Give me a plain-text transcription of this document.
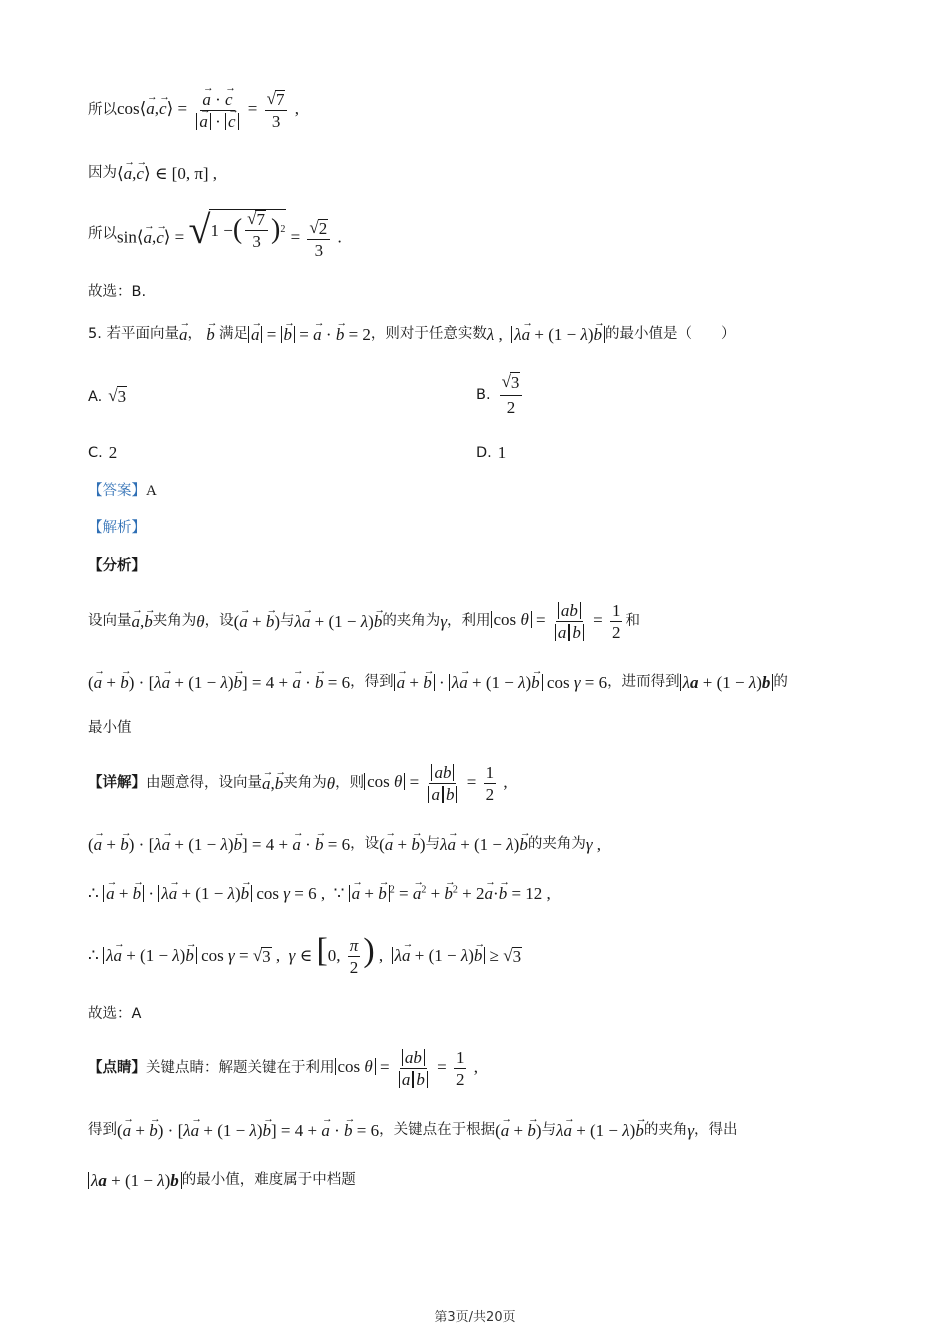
所以 cos⟨→ a,→ c⟩ = → a · → c
→ a · → $c = \frac{√ 7}{3}$ ,
因为 ⟨→ a,→ c⟩ ∈ [0, π] ,
所以 sin⟨→ a,→ c⟩ = √ 1 − ( $\frac{√ 7}{3}$ ) $2 = \frac{√ 2}{3}$ .
故选：B.
5. 若平面向量 → a ， → b 满足 → a = → b = → a · → b = 2 ，则对于任意实数 λ , λ→ a + (1 − λ)→ b 的最小值是（　　）
A. √ 3	B. $\frac{√ 3}{2}$
C. 2	D. 1
【答案】 A
【解析】
【分析】
设向量 → a,→ b 夹角为 θ ，设 (→ a + → b) 与 λ→ a + (1 − λ)→ b 的夹角为 γ ，利用 $\cos \theta = \frac{ab}{\text{a b}} = \frac{1}{2}$ 和
(→ a + → b) · [λ→ a + (1 − λ)→ b] = 4 + → a · → b = 6 ，得到 → a + → b · λ→ a + (1 − λ)→ b cos γ = 6 ，进而得到 λa + (1 − λ)b 的
最小值
【详解】 由题意得，设向量 → a,→ b 夹角为 θ ，则 $\cos \theta = \frac{ab}{\text{a b}} = \frac{1}{2}$ ,
(→ a + → b) · [λ→ a + (1 − λ)→ b] = 4 + → a · → b = 6 ，设 (→ a + → b) 与 λ→ a + (1 − λ)→ b 的夹角为 γ ,
∴ → a + → b · λ→ a + (1 − λ)→ b cos γ = 6 ,  ∵ → a + → b $^2$ = → $a^2$ + → $b^2 + 2\to a\cdot\to b = 12$ ,
∴ λ→ a + (1 − λ)→ b cos γ = √ 3 ,  γ ∈ [0, $\frac{\pi}{2}$ ) ,  λ→ a + (1 − λ)→ b ≥ √ 3
故选：A
【点睛】 关键点睛：解题关键在于利用 $\cos \theta = \frac{ab}{\text{a b}} = \frac{1}{2}$ ,
得到 (→ a + → b) · [λ→ a + (1 − λ)→ b] = 4 + → a · → b = 6 ，关键点在于根据 (→ a + → b) 与 λ→ a + (1 − λ)→ b 的夹角 γ ，得出
λa + (1 − λ)b 的最小值，难度属于中档题
第3页/共20页
